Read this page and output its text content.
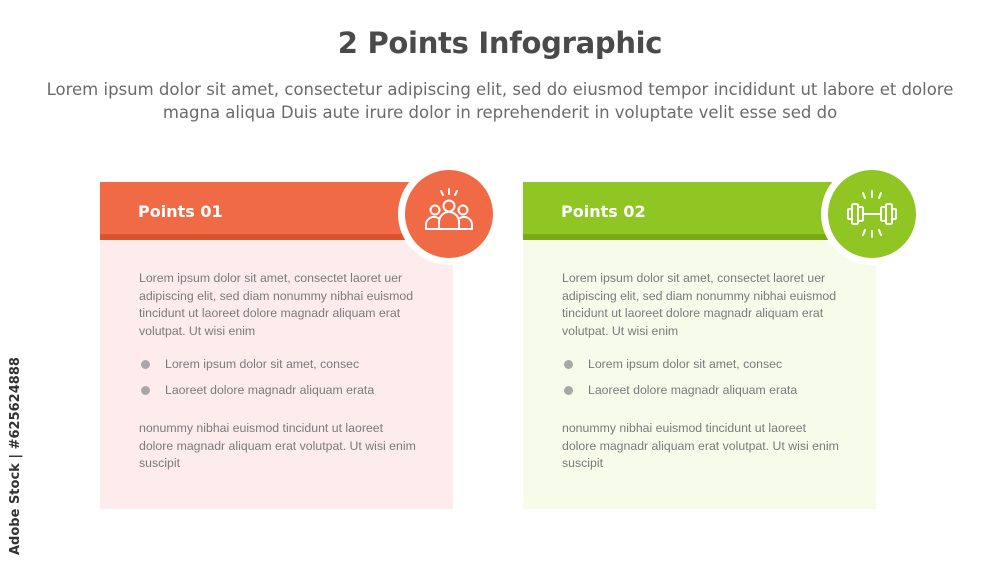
2 Points Infographic
Lorem ipsum dolor sit amet, consectetur adipiscing elit, sed do eiusmod tempor incididunt ut labore et dolore magna aliqua Duis aute irure dolor in reprehenderit in voluptate velit esse sed do
Points 01
Lorem ipsum dolor sit amet, consectet laoret uer adipiscing elit, sed diam nonummy nibhai euismod tincidunt ut laoreet dolore magnadr aliquam erat volutpat. Ut wisi enim
Lorem ipsum dolor sit amet, consec
Laoreet dolore magnadr aliquam erata
nonummy nibhai euismod tincidunt ut laoreet dolore magnadr aliquam erat volutpat. Ut wisi enim suscipit
Points 02
Lorem ipsum dolor sit amet, consectet laoret uer adipiscing elit, sed diam nonummy nibhai euismod tincidunt ut laoreet dolore magnadr aliquam erat volutpat. Ut wisi enim
Lorem ipsum dolor sit amet, consec
Laoreet dolore magnadr aliquam erata
nonummy nibhai euismod tincidunt ut laoreet dolore magnadr aliquam erat volutpat. Ut wisi enim suscipit
Adobe Stock | #625624888
